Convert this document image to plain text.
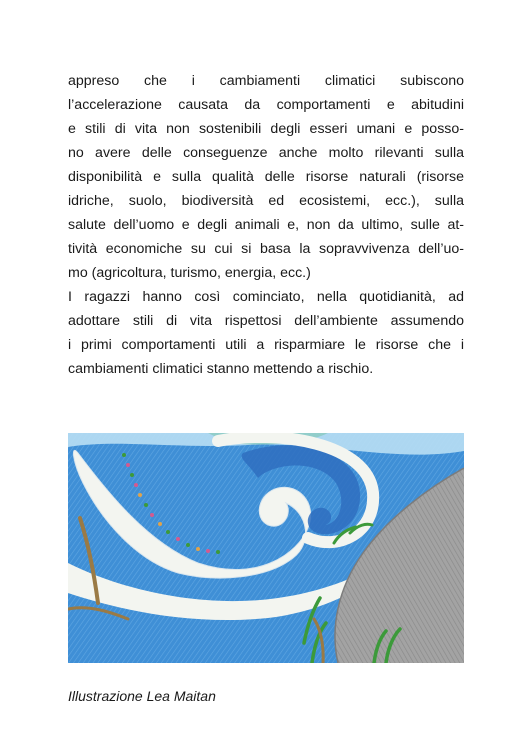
appreso che i cambiamenti climatici subiscono
l’accelerazione causata da comportamenti e abitudini
e stili di vita non sostenibili degli esseri umani e posso-
no avere delle conseguenze anche molto rilevanti sulla
disponibilità e sulla qualità delle risorse naturali (risorse
idriche, suolo, biodiversità ed ecosistemi, ecc.), sulla
salute dell’uomo e degli animali e, non da ultimo, sulle at-
tività economiche su cui si basa la sopravvivenza dell’uo-
mo (agricoltura, turismo, energia, ecc.)
I ragazzi hanno così cominciato, nella quotidianità, ad
adottare stili di vita rispettosi dell’ambiente assumendo
i primi comportamenti utili a risparmiare le risorse che i
cambiamenti climatici stanno mettendo a rischio.
Illustrazione Lea Maitan
